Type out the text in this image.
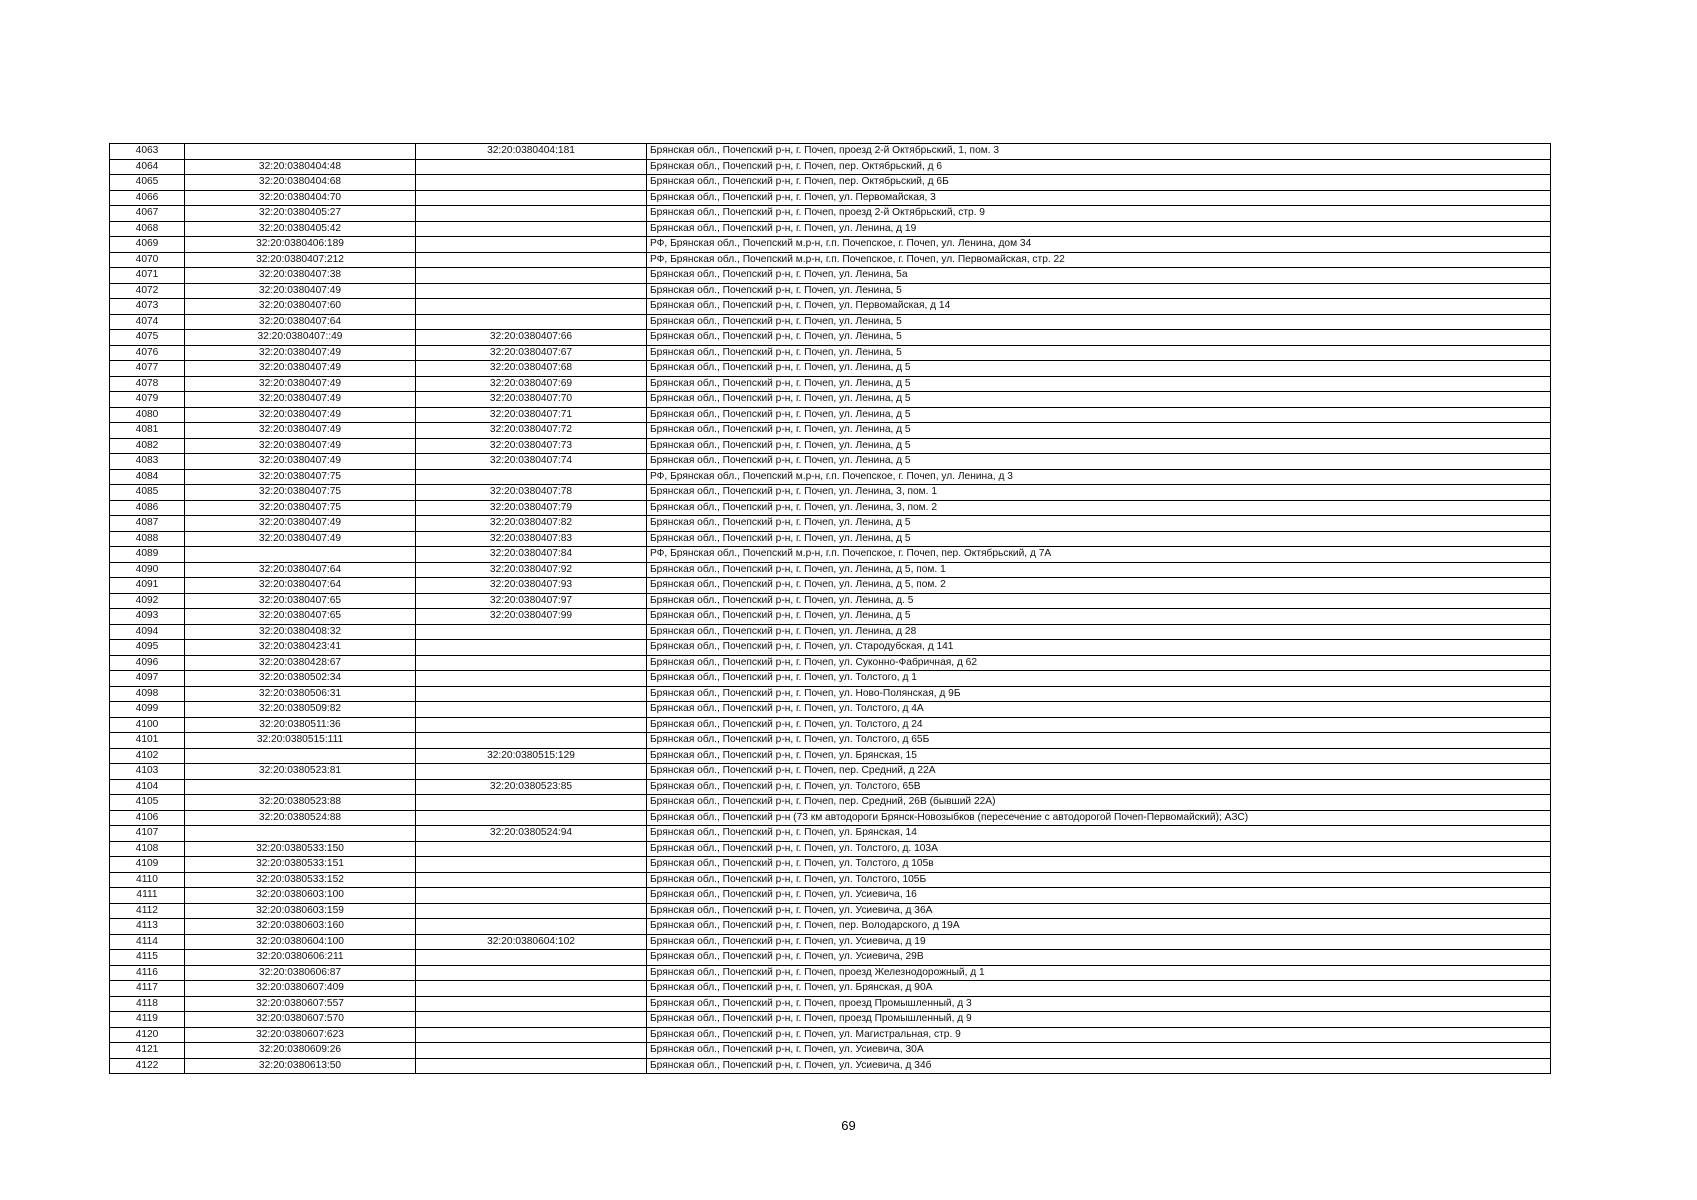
4063		32:20:0380404:181	Брянская обл., Почепский р-н, г. Почеп, проезд 2-й Октябрьский, 1, пом. 3
4064	32:20:0380404:48		Брянская обл., Почепский р-н, г. Почеп, пер. Октябрьский, д 6
4065	32:20:0380404:68		Брянская обл., Почепский р-н, г. Почеп, пер. Октябрьский, д 6Б
4066	32:20:0380404:70		Брянская обл., Почепский р-н, г. Почеп, ул. Первомайская, 3
4067	32:20:0380405:27		Брянская обл., Почепский р-н, г. Почеп, проезд 2-й Октябрьский, стр. 9
4068	32:20:0380405:42		Брянская обл., Почепский р-н, г. Почеп, ул. Ленина, д 19
4069	32:20:0380406:189		РФ, Брянская обл., Почепский м.р-н, г.п. Почепское, г. Почеп, ул. Ленина, дом 34
4070	32:20:0380407:212		РФ, Брянская обл., Почепский м.р-н, г.п. Почепское, г. Почеп, ул. Первомайская, стр. 22
4071	32:20:0380407:38		Брянская обл., Почепский р-н, г. Почеп, ул. Ленина, 5а
4072	32:20:0380407:49		Брянская обл., Почепский р-н, г. Почеп, ул. Ленина, 5
4073	32:20:0380407:60		Брянская обл., Почепский р-н, г. Почеп, ул. Первомайская, д 14
4074	32:20:0380407:64		Брянская обл., Почепский р-н, г. Почеп, ул. Ленина, 5
4075	32:20:0380407::49	32:20:0380407:66	Брянская обл., Почепский р-н, г. Почеп, ул. Ленина, 5
4076	32:20:0380407:49	32:20:0380407:67	Брянская обл., Почепский р-н, г. Почеп, ул. Ленина, 5
4077	32:20:0380407:49	32:20:0380407:68	Брянская обл., Почепский р-н, г. Почеп, ул. Ленина, д 5
4078	32:20:0380407:49	32:20:0380407:69	Брянская обл., Почепский р-н, г. Почеп, ул. Ленина, д 5
4079	32:20:0380407:49	32:20:0380407:70	Брянская обл., Почепский р-н, г. Почеп, ул. Ленина, д 5
4080	32:20:0380407:49	32:20:0380407:71	Брянская обл., Почепский р-н, г. Почеп, ул. Ленина, д 5
4081	32:20:0380407:49	32:20:0380407:72	Брянская обл., Почепский р-н, г. Почеп, ул. Ленина, д 5
4082	32:20:0380407:49	32:20:0380407:73	Брянская обл., Почепский р-н, г. Почеп, ул. Ленина, д 5
4083	32:20:0380407:49	32:20:0380407:74	Брянская обл., Почепский р-н, г. Почеп, ул. Ленина, д 5
4084	32:20:0380407:75		РФ, Брянская обл., Почепский м.р-н, г.п. Почепское, г. Почеп, ул. Ленина, д 3
4085	32:20:0380407:75	32:20:0380407:78	Брянская обл., Почепский р-н, г. Почеп, ул. Ленина, 3, пом. 1
4086	32:20:0380407:75	32:20:0380407:79	Брянская обл., Почепский р-н, г. Почеп, ул. Ленина, 3, пом. 2
4087	32:20:0380407:49	32:20:0380407:82	Брянская обл., Почепский р-н, г. Почеп, ул. Ленина, д 5
4088	32:20:0380407:49	32:20:0380407:83	Брянская обл., Почепский р-н, г. Почеп, ул. Ленина, д 5
4089		32:20:0380407:84	РФ, Брянская обл., Почепский м.р-н, г.п. Почепское, г. Почеп, пер. Октябрьский, д 7А
4090	32:20:0380407:64	32:20:0380407:92	Брянская обл., Почепский р-н, г. Почеп, ул. Ленина, д 5, пом. 1
4091	32:20:0380407:64	32:20:0380407:93	Брянская обл., Почепский р-н, г. Почеп, ул. Ленина, д 5, пом. 2
4092	32:20:0380407:65	32:20:0380407:97	Брянская обл., Почепский р-н, г. Почеп, ул. Ленина, д. 5
4093	32:20:0380407:65	32:20:0380407:99	Брянская обл., Почепский р-н, г. Почеп, ул. Ленина, д 5
4094	32:20:0380408:32		Брянская обл., Почепский р-н, г. Почеп, ул. Ленина, д 28
4095	32:20:0380423:41		Брянская обл., Почепский р-н, г. Почеп, ул. Стародубская, д 141
4096	32:20:0380428:67		Брянская обл., Почепский р-н, г. Почеп, ул. Суконно-Фабричная, д 62
4097	32:20:0380502:34		Брянская обл., Почепский р-н, г. Почеп, ул. Толстого, д 1
4098	32:20:0380506:31		Брянская обл., Почепский р-н, г. Почеп, ул. Ново-Полянская, д 9Б
4099	32:20:0380509:82		Брянская обл., Почепский р-н, г. Почеп, ул. Толстого, д 4А
4100	32:20:0380511:36		Брянская обл., Почепский р-н, г. Почеп, ул. Толстого, д 24
4101	32:20:0380515:111		Брянская обл., Почепский р-н, г. Почеп, ул. Толстого, д 65Б
4102		32:20:0380515:129	Брянская обл., Почепский р-н, г. Почеп, ул. Брянская, 15
4103	32:20:0380523:81		Брянская обл., Почепский р-н, г. Почеп, пер. Средний, д 22А
4104		32:20:0380523:85	Брянская обл., Почепский р-н, г. Почеп, ул. Толстого, 65В
4105	32:20:0380523:88		Брянская обл., Почепский р-н, г. Почеп, пер. Средний, 26В (бывший 22А)
4106	32:20:0380524:88		Брянская обл., Почепский р-н (73 км автодороги Брянск-Новозыбков (пересечение с автодорогой Почеп-Первомайский); АЗС)
4107		32:20:0380524:94	Брянская обл., Почепский р-н, г. Почеп, ул. Брянская, 14
4108	32:20:0380533:150		Брянская обл., Почепский р-н, г. Почеп, ул. Толстого, д. 103А
4109	32:20:0380533:151		Брянская обл., Почепский р-н, г. Почеп, ул. Толстого, д 105в
4110	32:20:0380533:152		Брянская обл., Почепский р-н, г. Почеп, ул. Толстого, 105Б
4111	32:20:0380603:100		Брянская обл., Почепский р-н, г. Почеп, ул. Усиевича, 16
4112	32:20:0380603:159		Брянская обл., Почепский р-н, г. Почеп, ул. Усиевича, д 36А
4113	32:20:0380603:160		Брянская обл., Почепский р-н, г. Почеп, пер. Володарского, д 19А
4114	32:20:0380604:100	32:20:0380604:102	Брянская обл., Почепский р-н, г. Почеп, ул. Усиевича, д 19
4115	32:20:0380606:211		Брянская обл., Почепский р-н, г. Почеп, ул. Усиевича, 29В
4116	32:20:0380606:87		Брянская обл., Почепский р-н, г. Почеп, проезд Железнодорожный, д 1
4117	32:20:0380607:409		Брянская обл., Почепский р-н, г. Почеп, ул. Брянская, д 90А
4118	32:20:0380607:557		Брянская обл., Почепский р-н, г. Почеп, проезд Промышленный, д 3
4119	32:20:0380607:570		Брянская обл., Почепский р-н, г. Почеп, проезд Промышленный, д 9
4120	32:20:0380607:623		Брянская обл., Почепский р-н, г. Почеп, ул. Магистральная, стр. 9
4121	32:20:0380609:26		Брянская обл., Почепский р-н, г. Почеп, ул. Усиевича, 30А
4122	32:20:0380613:50		Брянская обл., Почепский р-н, г. Почеп, ул. Усиевича, д 34б
69
